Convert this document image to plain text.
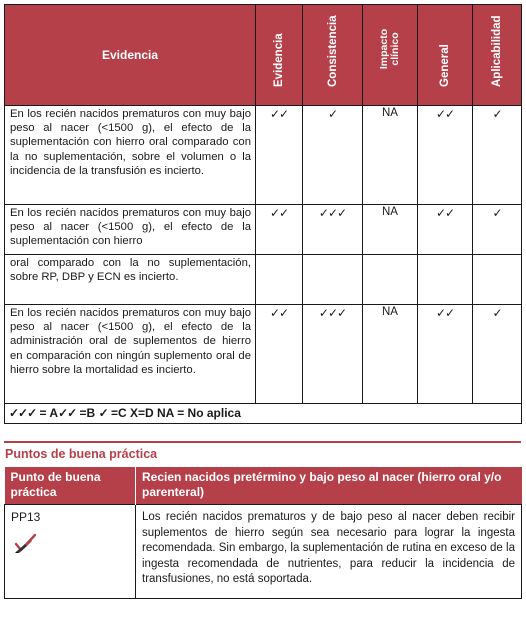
Evidencia	Evidencia	Consistencia	Impacto clínico	General	Aplicabilidad

En los recién nacidos prematuros con muy bajo peso al nacer (<1500 g), el efecto de la suplementación con hierro oral comparado con la no suplementación, sobre el volumen o la incidencia de la transfusión es incierto.	✓✓	✓	NA	✓✓	✓
En los recién nacidos prematuros con muy bajo peso al nacer (<1500 g), el efecto de la suplementación con hierro	✓✓	✓✓✓	NA	✓✓	✓
oral comparado con la no suplementación, sobre RP, DBP y ECN es incierto.					
En los recién nacidos prematuros con muy bajo peso al nacer (<1500 g), el efecto de la administración oral de suplementos de hierro en comparación con ningún suplemento oral de hierro sobre la mortalidad es incierto.	✓✓	✓✓✓	NA	✓✓	✓
✓✓✓ = A✓✓ =B ✓ =C X=D NA = No aplica					
Puntos de buena práctica
Punto de buena práctica	Recien nacidos pretérmino y bajo peso al nacer (hierro oral y/o parenteral)
PP13	Los recién nacidos prematuros y de bajo peso al nacer deben recibir suplementos de hierro según sea necesario para lograr la ingesta recomendada. Sin embargo, la suplementación de rutina en exceso de la ingesta recomendada de nutrientes, para reducir la incidencia de transfusiones, no está soportada.
